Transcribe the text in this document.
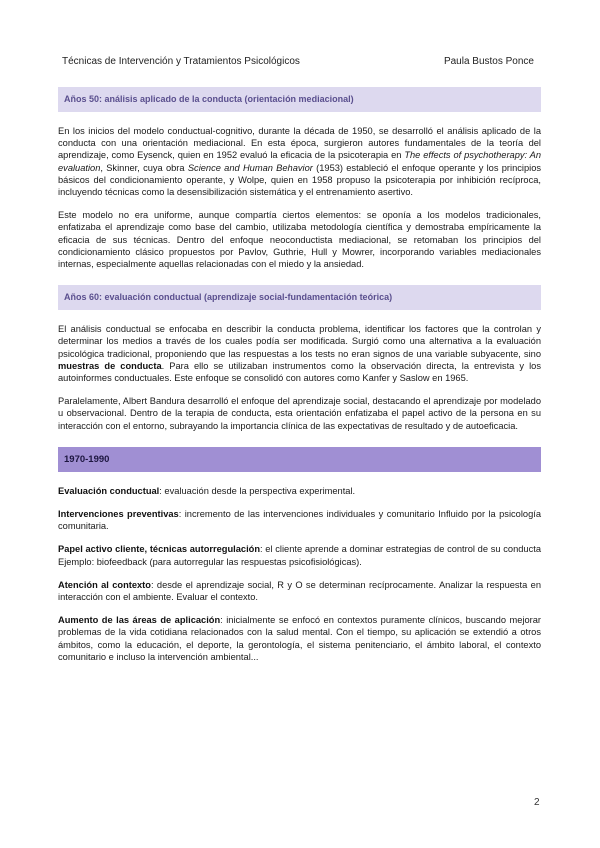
Técnicas de Intervención y Tratamientos Psicológicos	Paula Bustos Ponce
Años 50: análisis aplicado de la conducta (orientación mediacional)

En los inicios del modelo conductual-cognitivo, durante la década de 1950, se desarrolló el análisis aplicado de la conducta con una orientación mediacional. En esta época, surgieron autores fundamentales de la teoría del aprendizaje, como Eysenck, quien en 1952 evaluó la eficacia de la psicoterapia en The effects of psychotherapy: An evaluation, Skinner, cuya obra Science and Human Behavior (1953) estableció el enfoque operante y los principios básicos del condicionamiento operante, y Wolpe, quien en 1958 propuso la psicoterapia por inhibición recíproca, incluyendo técnicas como la desensibilización sistemática y el entrenamiento asertivo.

Este modelo no era uniforme, aunque compartía ciertos elementos: se oponía a los modelos tradicionales, enfatizaba el aprendizaje como base del cambio, utilizaba metodología científica y demostraba empíricamente la eficacia de sus técnicas. Dentro del enfoque neoconductista mediacional, se retomaban los principios del condicionamiento clásico propuestos por Pavlov, Guthrie, Hull y Mowrer, incorporando variables mediacionales internas, especialmente aquellas relacionadas con el miedo y la ansiedad.

Años 60: evaluación conductual (aprendizaje social-fundamentación teórica)

El análisis conductual se enfocaba en describir la conducta problema, identificar los factores que la controlan y determinar los medios a través de los cuales podía ser modificada. Surgió como una alternativa a la evaluación psicológica tradicional, proponiendo que las respuestas a los tests no eran signos de una variable subyacente, sino muestras de conducta. Para ello se utilizaban instrumentos como la observación directa, la entrevista y los autoinformes conductuales. Este enfoque se consolidó con autores como Kanfer y Saslow en 1965.

Paralelamente, Albert Bandura desarrolló el enfoque del aprendizaje social, destacando el aprendizaje por modelado u observacional. Dentro de la terapia de conducta, esta orientación enfatizaba el papel activo de la persona en su interacción con el entorno, subrayando la importancia clínica de las expectativas de resultado y de autoeficacia.

1970-1990

Evaluación conductual: evaluación desde la perspectiva experimental.

Intervenciones preventivas: incremento de las intervenciones individuales y comunitario Influido por la psicología comunitaria.

Papel activo cliente, técnicas autorregulación: el cliente aprende a dominar estrategias de control de su conducta Ejemplo: biofeedback (para autorregular las respuestas psicofisiológicas).

Atención al contexto: desde el aprendizaje social, R y O se determinan recíprocamente. Analizar la respuesta en interacción con el ambiente. Evaluar el contexto.

Aumento de las áreas de aplicación: inicialmente se enfocó en contextos puramente clínicos, buscando mejorar problemas de la vida cotidiana relacionados con la salud mental. Con el tiempo, su aplicación se extendió a otros ámbitos, como la educación, el deporte, la gerontología, el sistema penitenciario, el ámbito laboral, el contexto comunitario e incluso la intervención ambiental...

2
